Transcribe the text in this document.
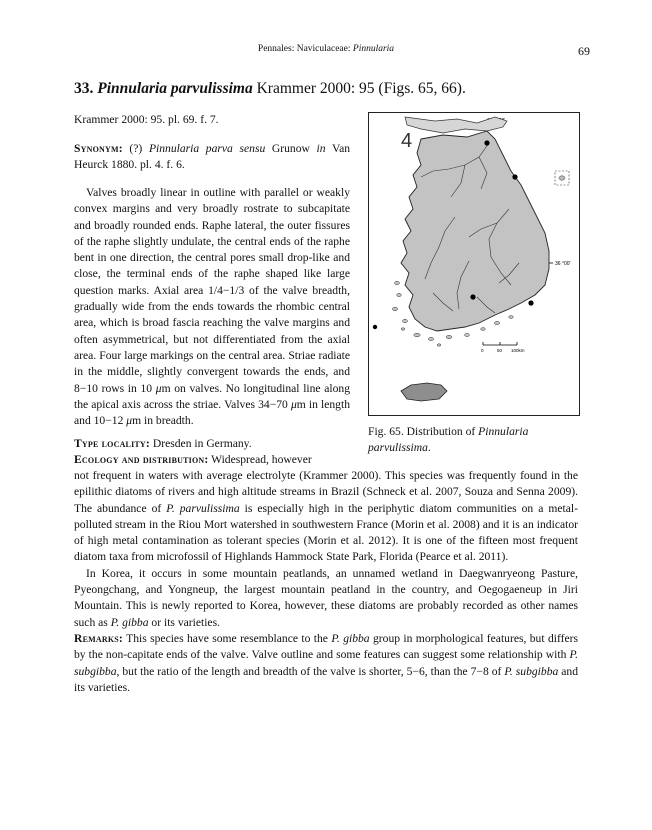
Pennales: Naviculaceae: Pinnularia	69
33. Pinnularia parvulissima Krammer 2000: 95 (Figs. 65, 66).

Krammer 2000: 95. pl. 69. f. 7.

Synonym: (?) Pinnularia parva sensu Grunow in Van Heurck 1880. pl. 4. f. 6.

Valves broadly linear in outline with parallel or weakly convex margins and very broadly rostrate to subcapitate and broadly rounded ends. Raphe lateral, the outer fissures of the raphe slightly undulate, the central ends of the raphe bent in one direction, the central pores small drop-like and close, the terminal ends of the raphe shaped like large question marks. Axial area 1/4−1/3 of the valve breadth, gradually wide from the ends towards the rhombic central area, which is broad fascia reaching the valve margins and often asymmetrical, but not differentiated from the axial area. Four large markings on the central area. Striae radiate in the middle, slightly convergent towards the ends, and 8−10 rows in 10 μm on valves. No longitudinal line along the apical axis across the striae. Valves 34−70 μm in length and 10−12 μm in breadth.

Type locality: Dresden in Germany.

Ecology and distribution: Widespread, however

4
36 °00'
0	50 100km
Fig. 65. Distribution of Pinnularia parvulissima.

not frequent in waters with average electrolyte (Krammer 2000). This species was frequently found in the epilithic diatoms of rivers and high altitude streams in Brazil (Schneck et al. 2007, Souza and Senna 2009). The abundance of P. parvulissima is especially high in the periphytic diatom communities on a metal-polluted stream in the Riou Mort watershed in southwestern France (Morin et al. 2008) and it is an indicator of high metal contamination as tolerant species (Morin et al. 2012). It is one of the fifteen most frequent diatom taxa from microfossil of Highlands Hammock State Park, Florida (Pearce et al. 2011).

In Korea, it occurs in some mountain peatlands, an unnamed wetland in Daegwanryeong Pasture, Pyeongchang, and Yongneup, the largest mountain peatland in the country, and Oegogaeneup in Jiri Mountain. This is newly reported to Korea, however, these diatoms are probably recorded as other names such as P. gibba or its varieties.

Remarks: This species have some resemblance to the P. gibba group in morphological features, but differs by the non-capitate ends of the valve. Valve outline and some features can suggest some relationship with P. subgibba, but the ratio of the length and breadth of the valve is shorter, 5−6, than the 7−8 of P. subgibba and its varieties.
